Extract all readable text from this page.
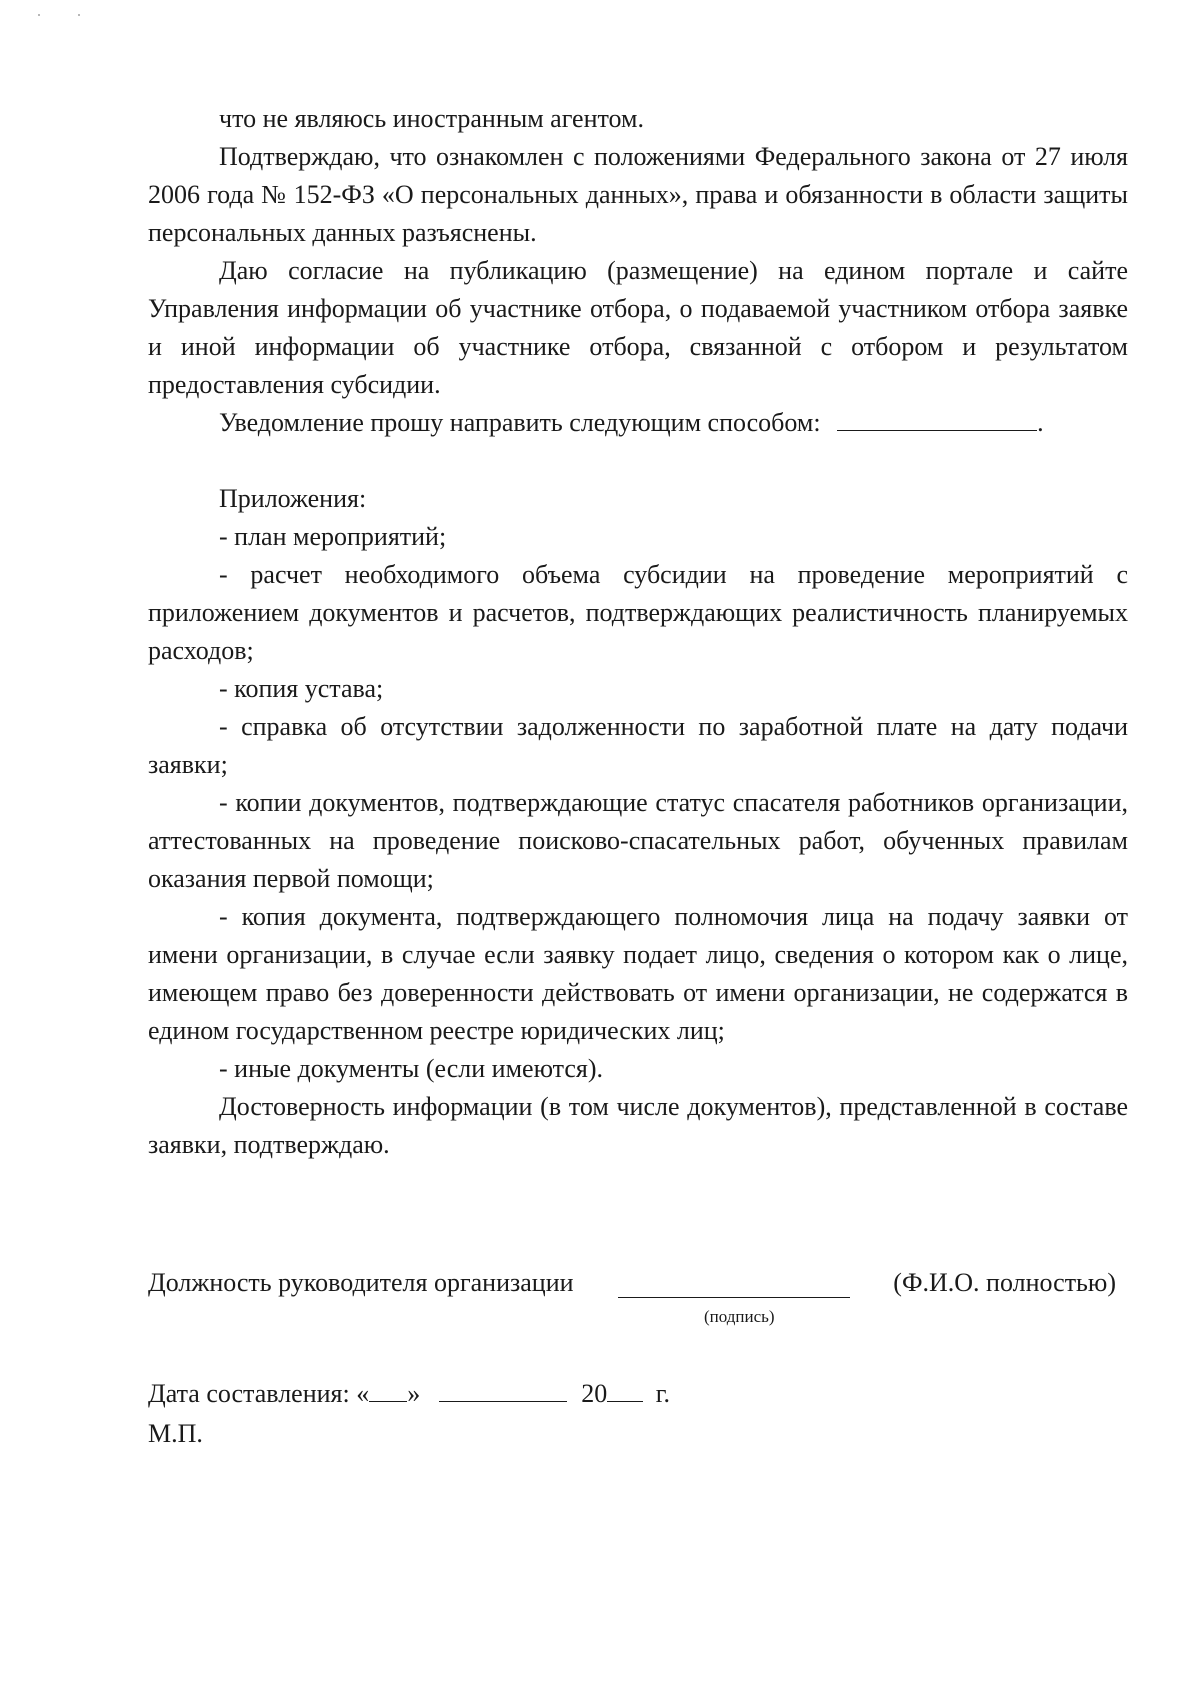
что не являюсь иностранным агентом.

Подтверждаю, что ознакомлен с положениями Федерального закона от 27 июля 2006 года № 152-ФЗ «О персональных данных», права и обязанности в области защиты персональных данных разъяснены.

Даю согласие на публикацию (размещение) на едином портале и сайте Управления информации об участнике отбора, о подаваемой участником отбора заявке и иной информации об участнике отбора, связанной с отбором и результатом предоставления субсидии.

Уведомление прошу направить следующим способом:	.

Приложения:

- план мероприятий;

- расчет необходимого объема субсидии на проведение мероприятий с приложением документов и расчетов, подтверждающих реалистичность планируемых расходов;

- копия устава;

- справка об отсутствии задолженности по заработной плате на дату подачи заявки;

- копии документов, подтверждающие статус спасателя работников организации, аттестованных на проведение поисково-спасательных работ, обученных правилам оказания первой помощи;

- копия документа, подтверждающего полномочия лица на подачу заявки от имени организации, в случае если заявку подает лицо, сведения о котором как о лице, имеющем право без доверенности действовать от имени организации, не содержатся в едином государственном реестре юридических лиц;

- иные документы (если имеются).

Достоверность информации (в том числе документов), представленной в составе заявки, подтверждаю.

Должность руководителя организации	(Ф.И.О. полностью)
(подпись)
Дата составления: « »	20 г.
М.П.
